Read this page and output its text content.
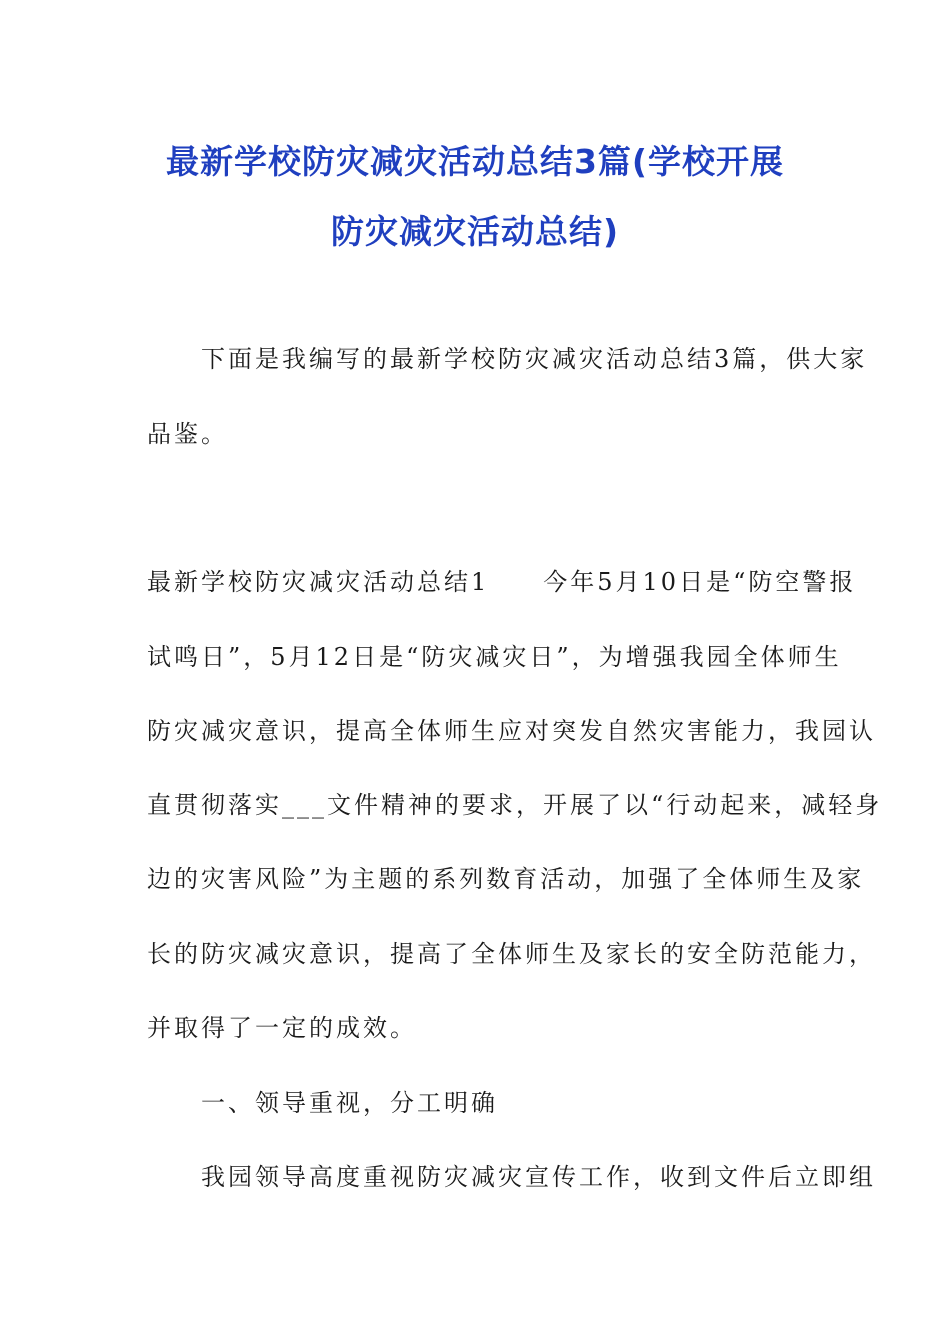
最新学校防灾减灾活动总结3篇(学校开展
防灾减灾活动总结)
　　下面是我编写的最新学校防灾减灾活动总结3篇，供大家
品鉴。
最新学校防灾减灾活动总结1　　今年5月10日是“防空警报
试鸣日”，5月12日是“防灾减灾日”，为增强我园全体师生
防灾减灾意识，提高全体师生应对突发自然灾害能力，我园认
直贯彻落实___文件精神的要求，开展了以“行动起来，减轻身
边的灾害风险”为主题的系列数育活动，加强了全体师生及家
长的防灾减灾意识，提高了全体师生及家长的安全防范能力，
并取得了一定的成效。
　　一、领导重视，分工明确
　　我园领导高度重视防灾减灾宣传工作，收到文件后立即组
